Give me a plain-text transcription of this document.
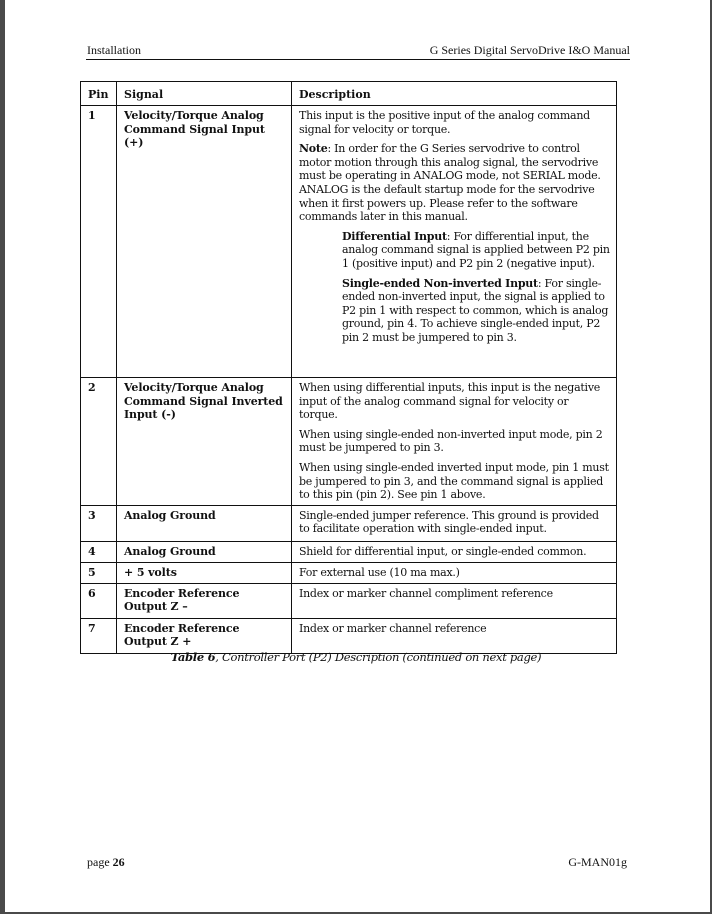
Installation	G Series Digital ServoDrive I&O Manual
Pin	Signal	Description
1	Velocity/Torque Analog Command Signal Input (+)	This input is the positive input of the analog command signal for velocity or torque.

Note: In order for the G Series servodrive to control motor motion through this analog signal, the servodrive must be operating in ANALOG mode, not SERIAL mode. ANALOG is the default startup mode for the servodrive when it first powers up. Please refer to the software commands later in this manual.

Differential Input: For differential input, the analog command signal is applied between P2 pin 1 (positive input) and P2 pin 2 (negative input).

Single-ended Non-inverted Input: For single-ended non-inverted input, the signal is applied to P2 pin 1 with respect to common, which is analog ground, pin 4. To achieve single-ended input, P2 pin 2 must be jumpered to pin 3.

2	Velocity/Torque Analog Command Signal Inverted Input (-)	When using differential inputs, this input is the negative input of the analog command signal for velocity or torque.

When using single-ended non-inverted input mode, pin 2 must be jumpered to pin 3.

When using single-ended inverted input mode, pin 1 must be jumpered to pin 3, and the command signal is applied to this pin (pin 2). See pin 1 above.

3	Analog Ground	Single-ended jumper reference. This ground is provided to facilitate operation with single-ended input.

4	Analog Ground	Shield for differential input, or single-ended common.

5	+ 5 volts	For external use (10 ma max.)

6	Encoder Reference Output Z –	Index or marker channel compliment reference

7	Encoder Reference Output Z +	Index or marker channel reference

Table 6, Controller Port (P2) Description (continued on next page)
page 26	G-MAN01g
